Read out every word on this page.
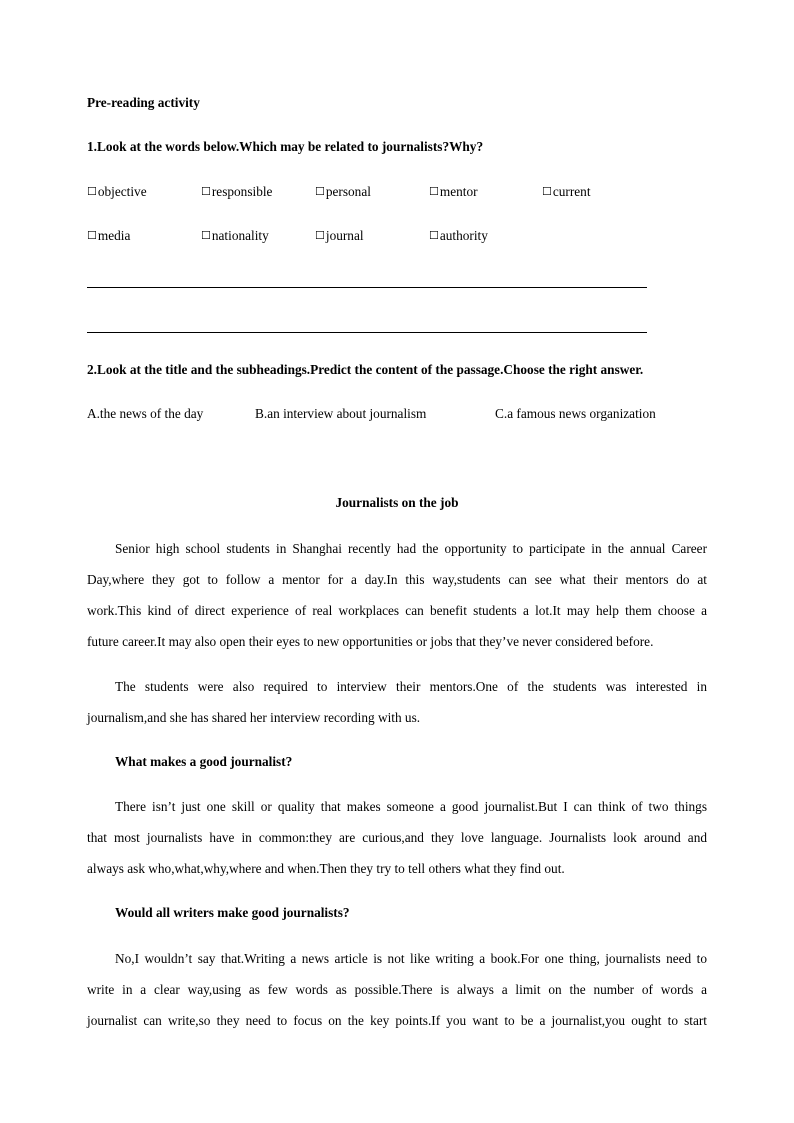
Pre-reading activity
1.Look at the words below.Which may be related to journalists?Why?
☐objective	☐responsible	☐personal	☐mentor	☐current
☐media	☐nationality	☐journal	☐authority
2.Look at the title and the subheadings.Predict the content of the passage.Choose the right answer.
A.the news of the day	B.an interview about journalism	C.a famous news organization
Journalists on the job
Senior high school students in Shanghai recently had the opportunity to participate in the annual Career
Day,where they got to follow a mentor for a day.In this way,students can see what their mentors do at
work.This kind of direct experience of real workplaces can benefit students a lot.It may help them choose a
future career.It may also open their eyes to new opportunities or jobs that they’ve never considered before.
The students were also required to interview their mentors.One of the students was interested in
journalism,and she has shared her interview recording with us.
What makes a good journalist?
There isn’t just one skill or quality that makes someone a good journalist.But I can think of two things
that most journalists have in common:they are curious,and they love language. Journalists look around and
always ask who,what,why,where and when.Then they try to tell others what they find out.
Would all writers make good journalists?
No,I wouldn’t say that.Writing a news article is not like writing a book.For one thing, journalists need to
write in a clear way,using as few words as possible.There is always a limit on the number of words a
journalist can write,so they need to focus on the key points.If you want to be a journalist,you ought to start
